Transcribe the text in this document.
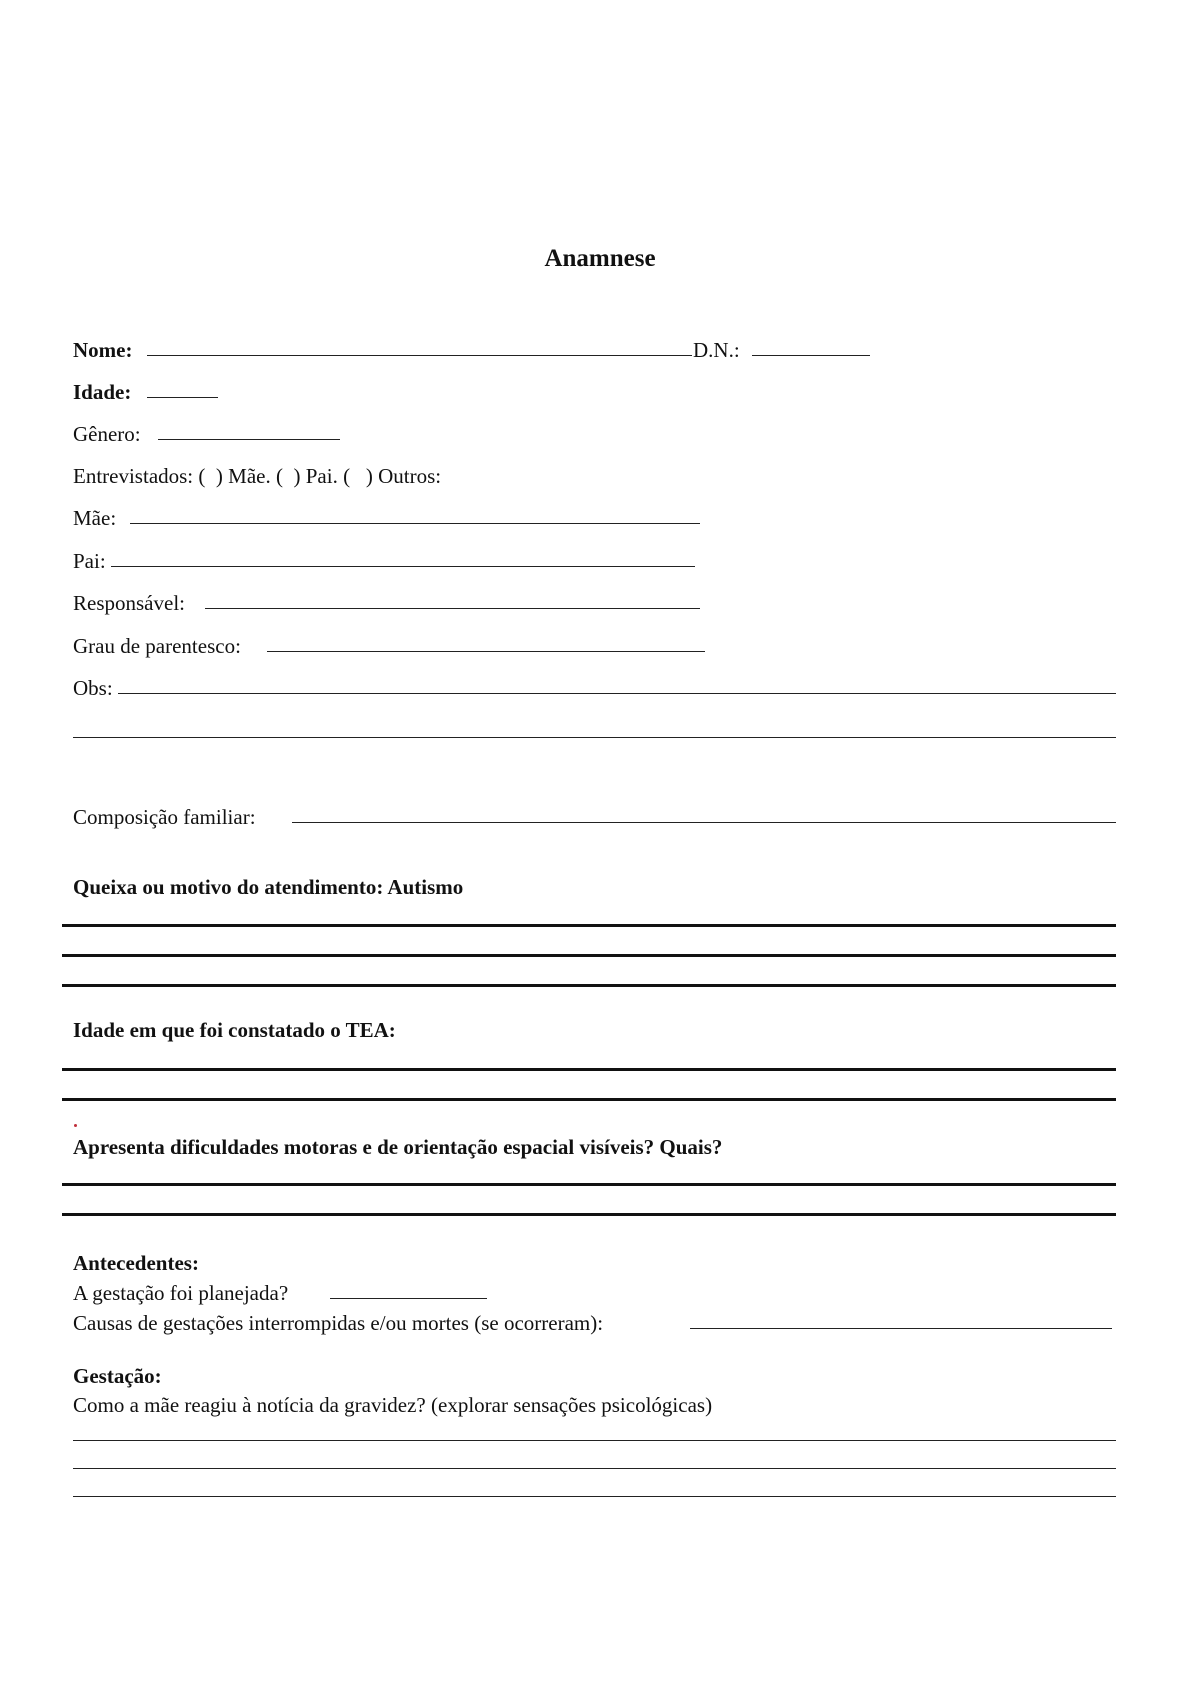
Anamnese
Nome:	D.N.:
Idade:
Gênero:
Entrevistados: (  ) Mãe. (  ) Pai. (   ) Outros:
Mãe:
Pai:
Responsável:
Grau de parentesco:
Obs:
Composição familiar:
Queixa ou motivo do atendimento: Autismo
Idade em que foi constatado o TEA:
Apresenta dificuldades motoras e de orientação espacial visíveis? Quais?
Antecedentes:
A gestação foi planejada?
Causas de gestações interrompidas e/ou mortes (se ocorreram):
Gestação:
Como a mãe reagiu à notícia da gravidez? (explorar sensações psicológicas)
